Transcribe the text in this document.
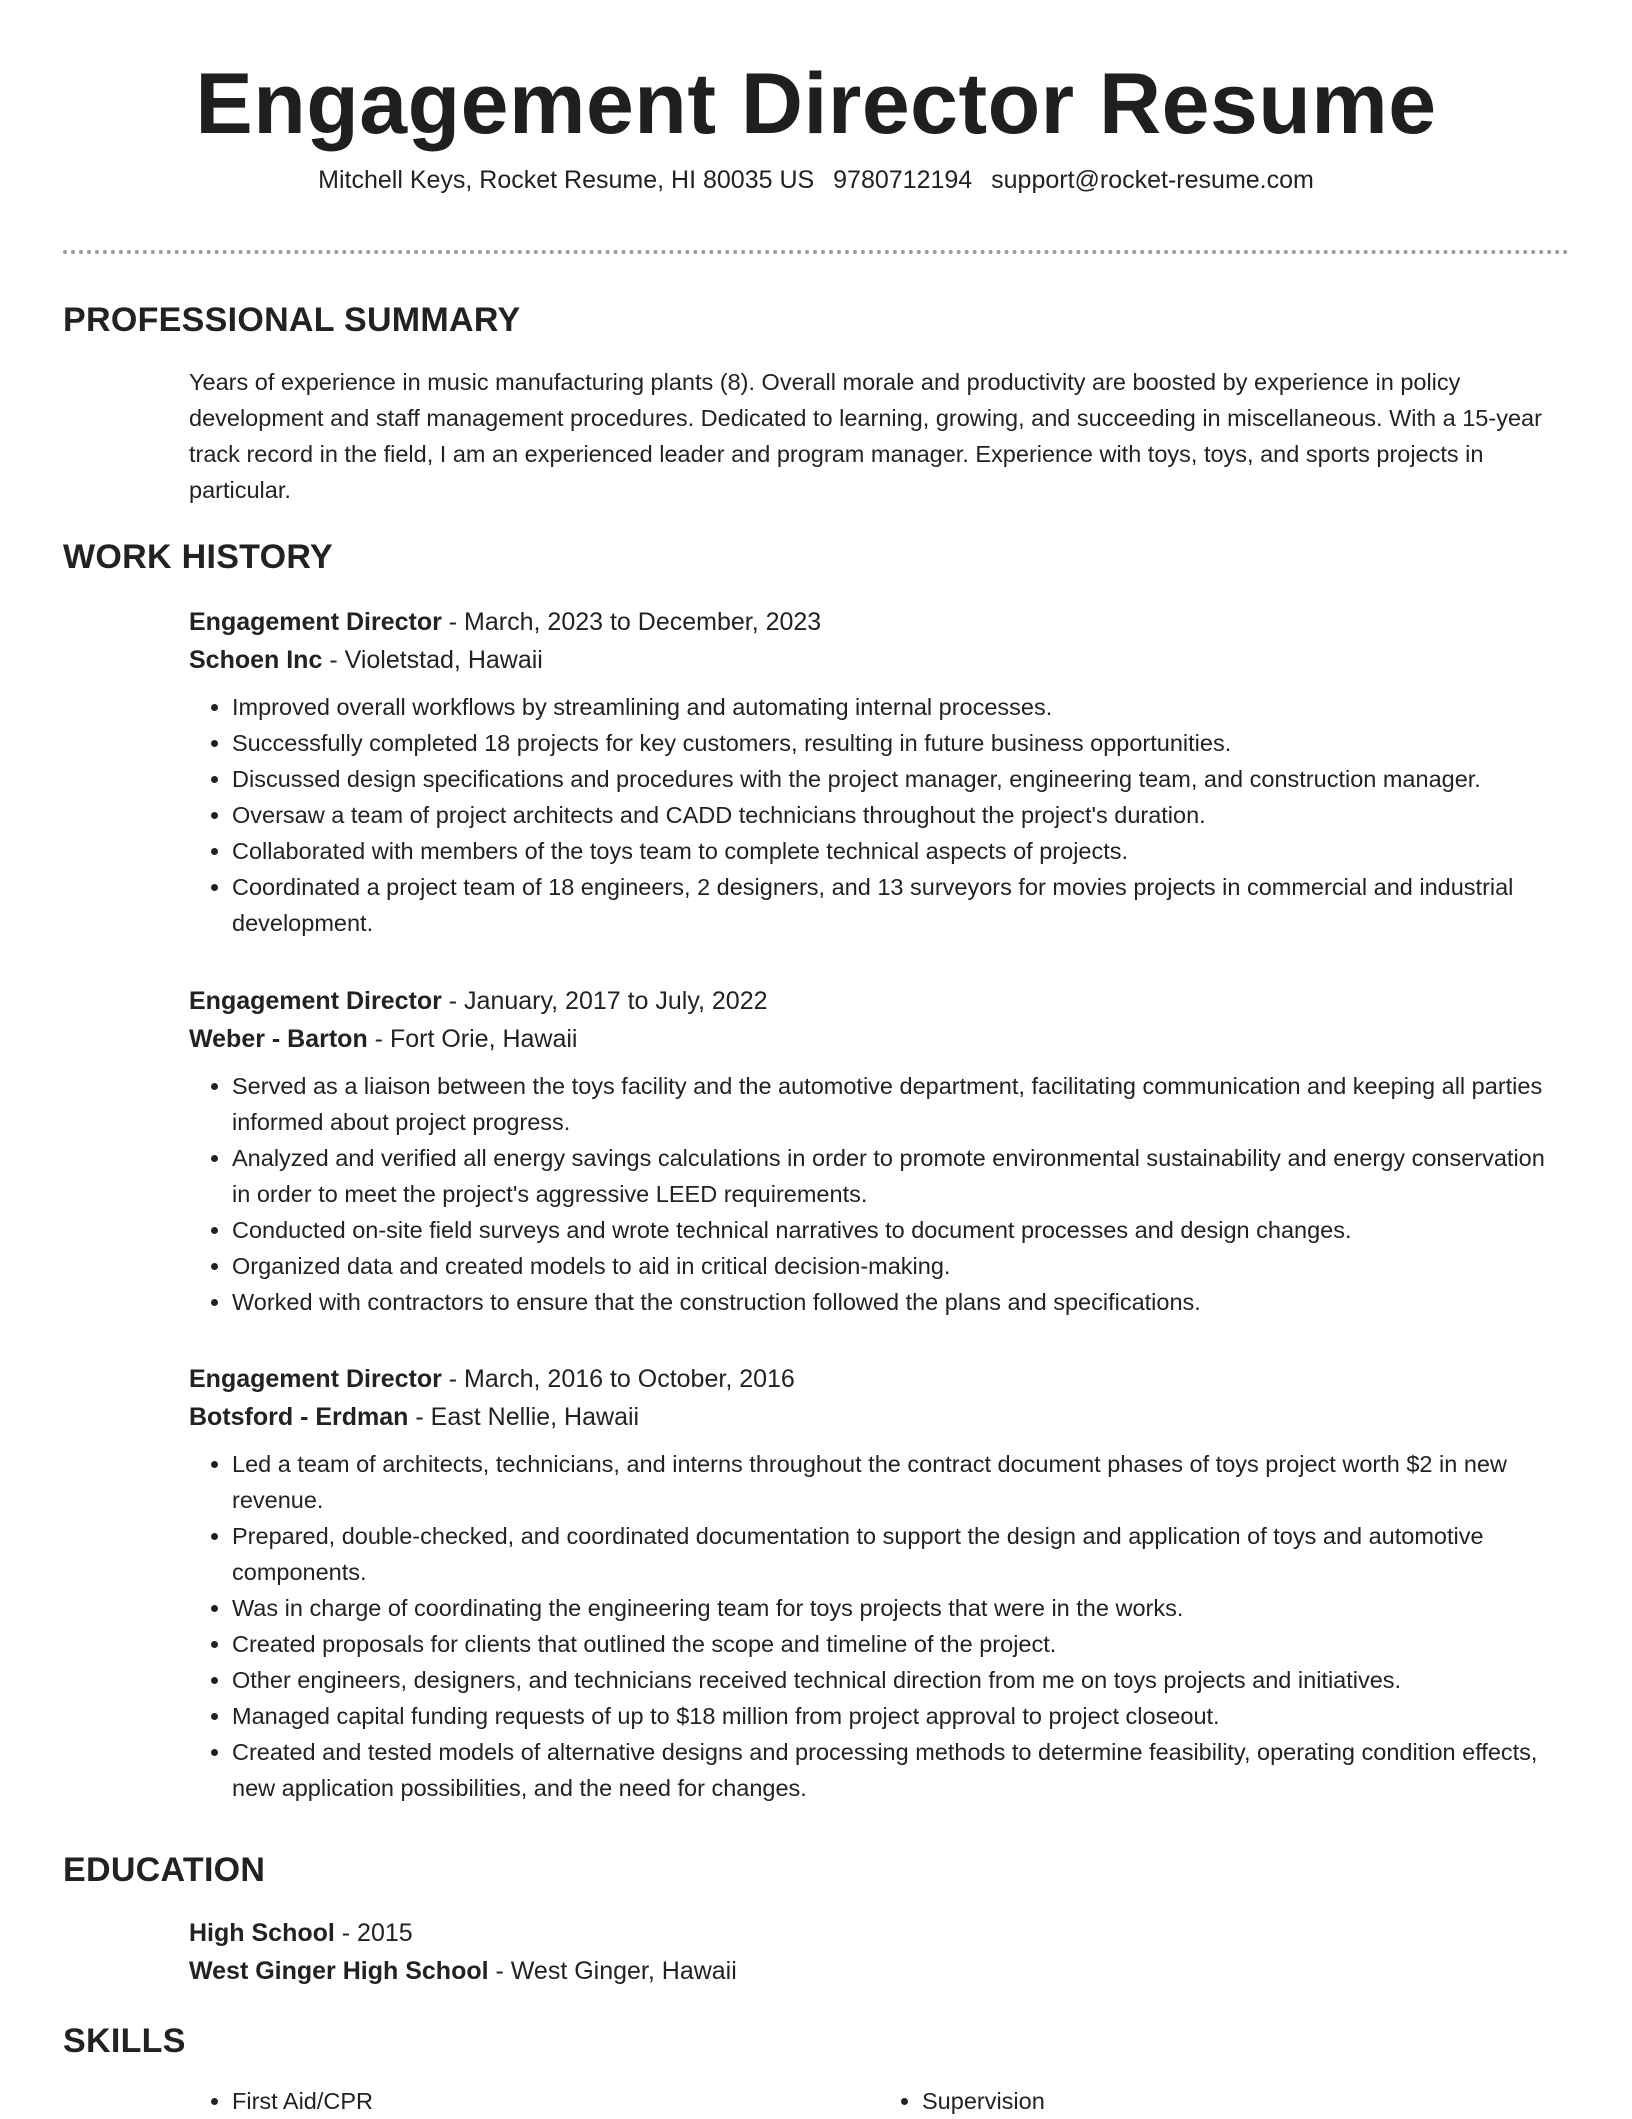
Engagement Director Resume
Mitchell Keys, Rocket Resume, HI 80035 US 9780712194 support@rocket-resume.com
PROFESSIONAL SUMMARY

Years of experience in music manufacturing plants (8). Overall morale and productivity are boosted by experience in policy development and staff management procedures. Dedicated to learning, growing, and succeeding in miscellaneous. With a 15-year track record in the field, I am an experienced leader and program manager. Experience with toys, toys, and sports projects in particular.

WORK HISTORY
Engagement Director - March, 2023 to December, 2023
Schoen Inc - Violetstad, Hawaii
• Improved overall workflows by streamlining and automating internal processes.
• Successfully completed 18 projects for key customers, resulting in future business opportunities.
• Discussed design specifications and procedures with the project manager, engineering team, and construction manager.
• Oversaw a team of project architects and CADD technicians throughout the project's duration.
• Collaborated with members of the toys team to complete technical aspects of projects.
• Coordinated a project team of 18 engineers, 2 designers, and 13 surveyors for movies projects in commercial and industrial development.
Engagement Director - January, 2017 to July, 2022
Weber - Barton - Fort Orie, Hawaii
• Served as a liaison between the toys facility and the automotive department, facilitating communication and keeping all parties informed about project progress.
• Analyzed and verified all energy savings calculations in order to promote environmental sustainability and energy conservation in order to meet the project's aggressive LEED requirements.
• Conducted on-site field surveys and wrote technical narratives to document processes and design changes.
• Organized data and created models to aid in critical decision-making.
• Worked with contractors to ensure that the construction followed the plans and specifications.
Engagement Director - March, 2016 to October, 2016
Botsford - Erdman - East Nellie, Hawaii
• Led a team of architects, technicians, and interns throughout the contract document phases of toys project worth $2 in new revenue.
• Prepared, double-checked, and coordinated documentation to support the design and application of toys and automotive components.
• Was in charge of coordinating the engineering team for toys projects that were in the works.
• Created proposals for clients that outlined the scope and timeline of the project.
• Other engineers, designers, and technicians received technical direction from me on toys projects and initiatives.
• Managed capital funding requests of up to $18 million from project approval to project closeout.
• Created and tested models of alternative designs and processing methods to determine feasibility, operating condition effects, new application possibilities, and the need for changes.
EDUCATION
High School - 2015
West Ginger High School - West Ginger, Hawaii
SKILLS
• First Aid/CPR
•	Supervision
